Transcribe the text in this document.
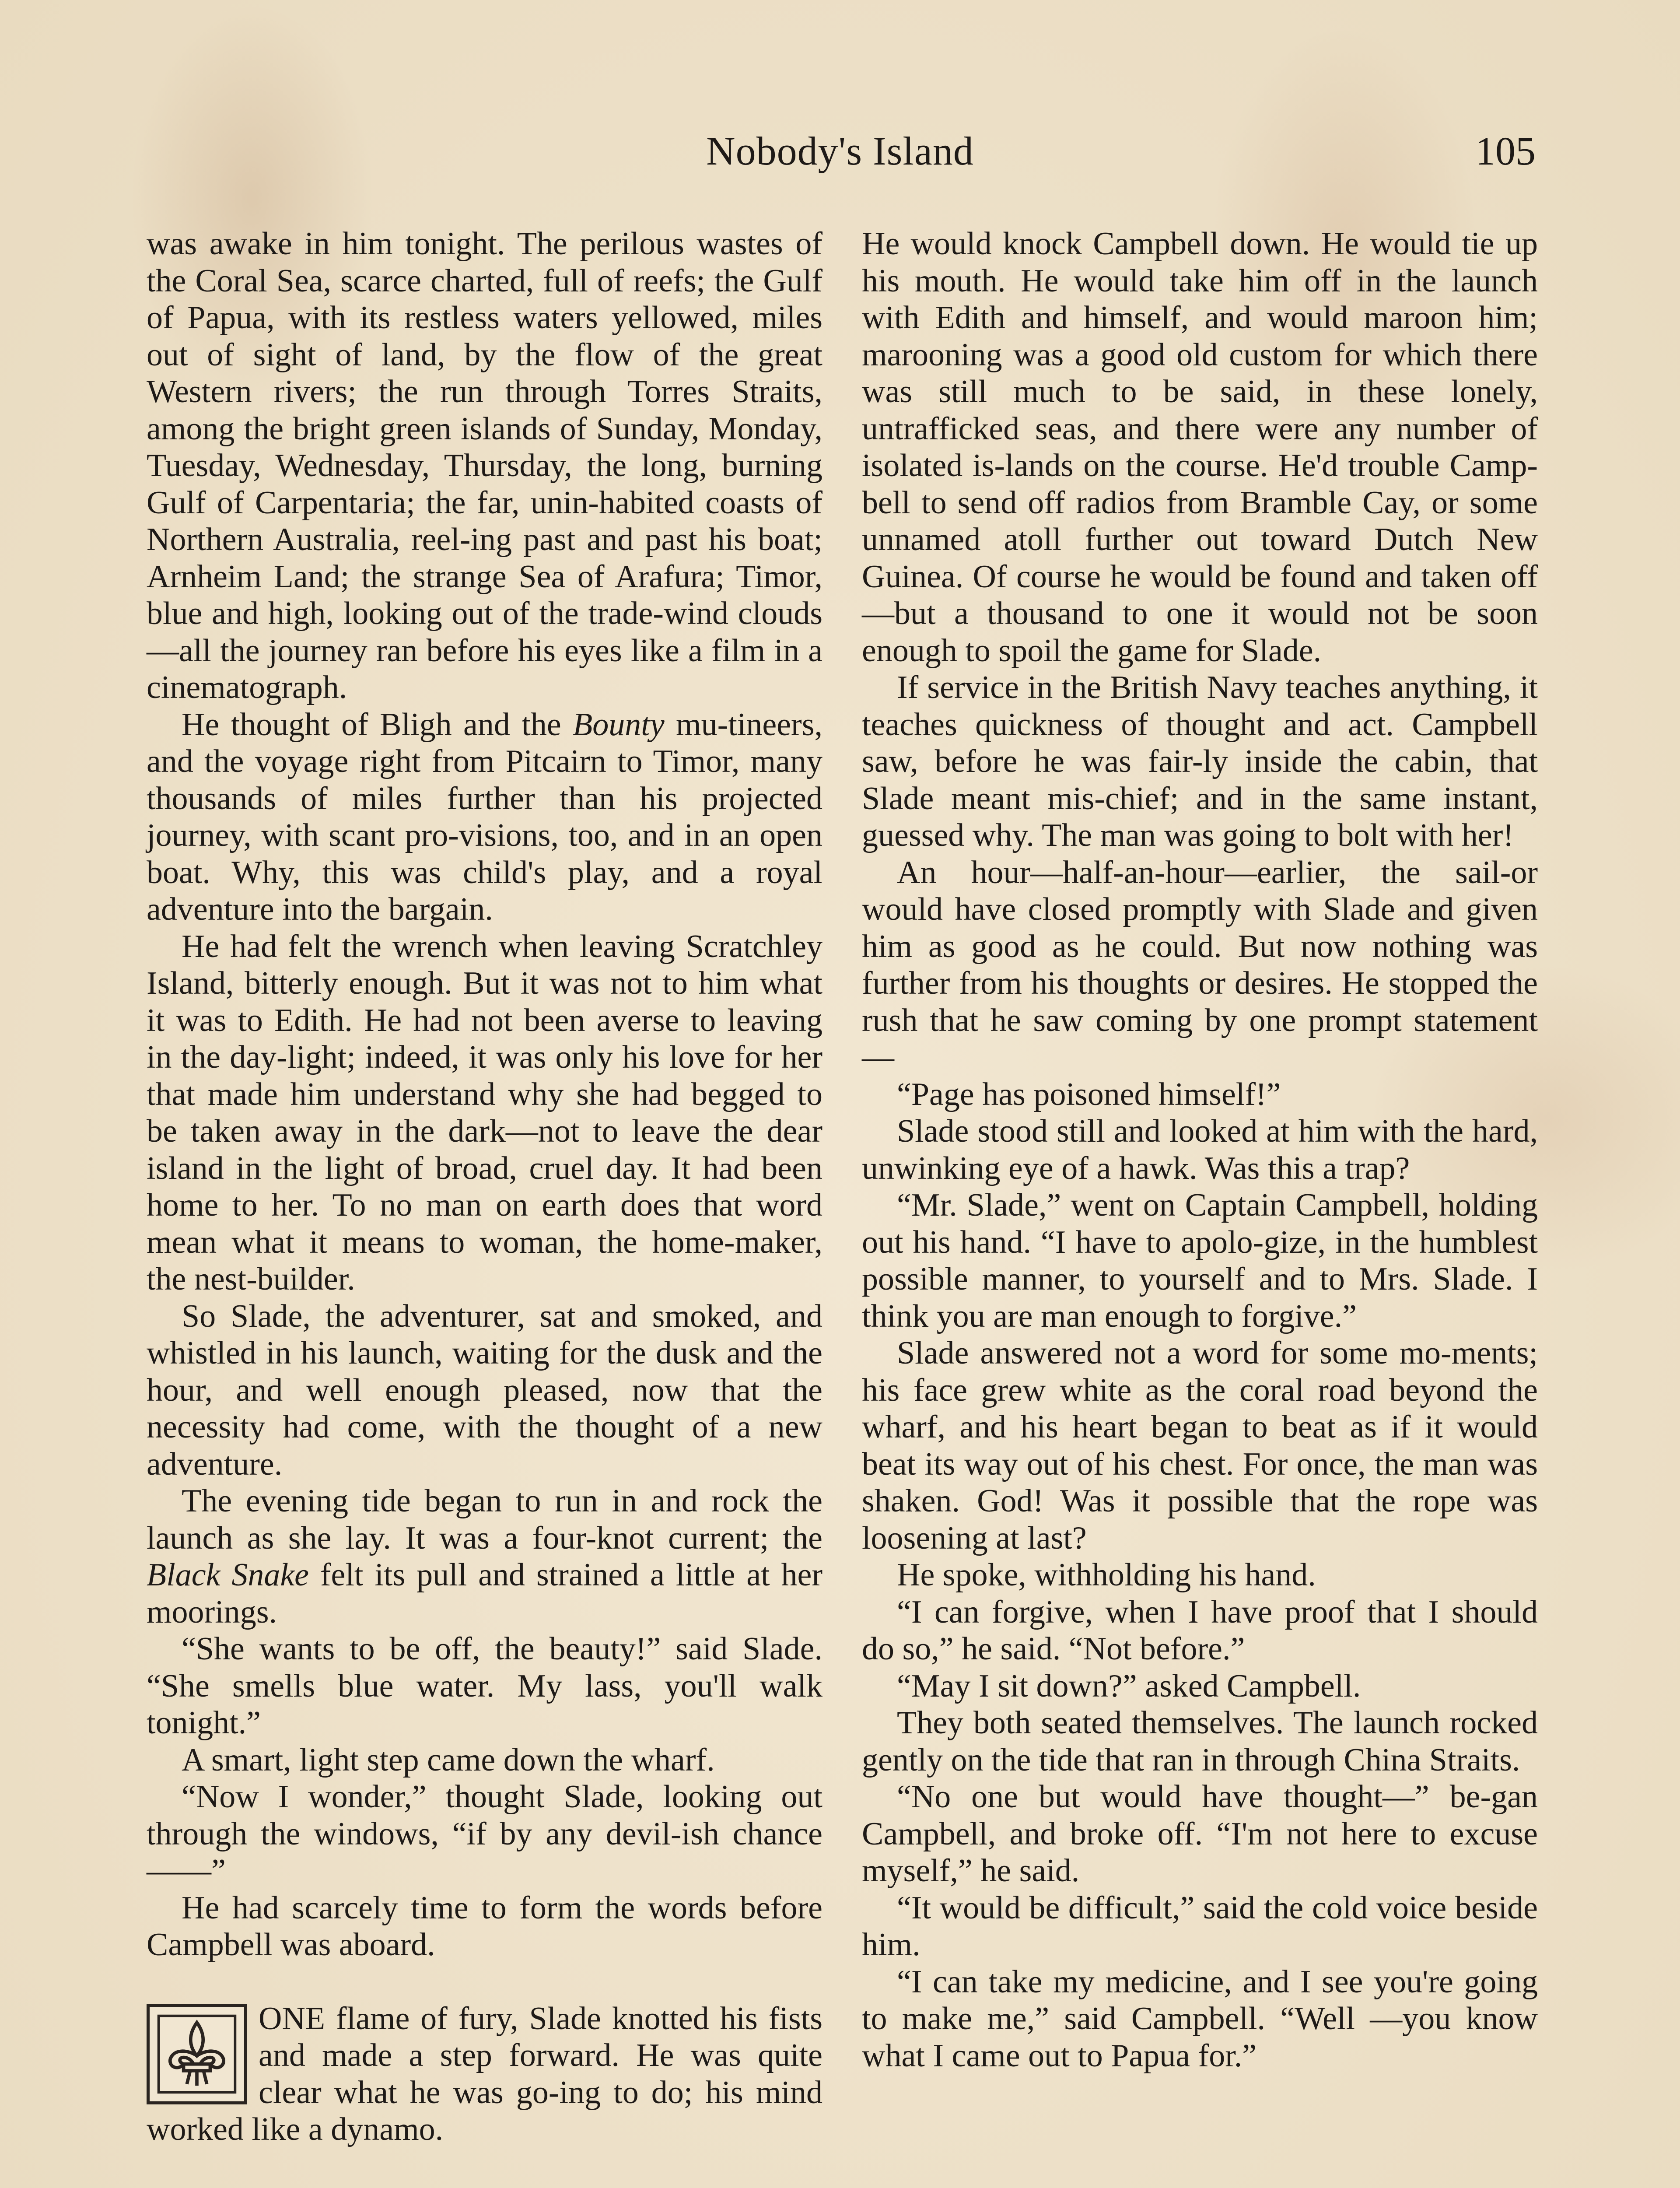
Nobody's Island	105

was awake in him tonight. The perilous wastes of the Coral Sea, scarce charted, full of reefs; the Gulf of Papua, with its restless waters yellowed, miles out of sight of land, by the flow of the great Western rivers; the run through Torres Straits, among the bright green islands of Sunday, Monday, Tuesday, Wednesday, Thursday, the long, burning Gulf of Carpentaria; the far, unin-habited coasts of Northern Australia, reel-ing past and past his boat; Arnheim Land; the strange Sea of Arafura; Timor, blue and high, looking out of the trade-wind clouds —all the journey ran before his eyes like a film in a cinematograph.

He thought of Bligh and the Bounty mu-tineers, and the voyage right from Pitcairn to Timor, many thousands of miles further than his projected journey, with scant pro-visions, too, and in an open boat. Why, this was child's play, and a royal adventure into the bargain.

He had felt the wrench when leaving Scratchley Island, bitterly enough. But it was not to him what it was to Edith. He had not been averse to leaving in the day-light; indeed, it was only his love for her that made him understand why she had begged to be taken away in the dark—not to leave the dear island in the light of broad, cruel day. It had been home to her. To no man on earth does that word mean what it means to woman, the home-maker, the nest-builder.

So Slade, the adventurer, sat and smoked, and whistled in his launch, waiting for the dusk and the hour, and well enough pleased, now that the necessity had come, with the thought of a new adventure.

The evening tide began to run in and rock the launch as she lay. It was a four-knot current; the Black Snake felt its pull and strained a little at her moorings.

“She wants to be off, the beauty!” said Slade. “She smells blue water. My lass, you'll walk tonight.”

A smart, light step came down the wharf.

“Now I wonder,” thought Slade, looking out through the windows, “if by any devil-ish chance——”

He had scarcely time to form the words before Campbell was aboard.

ONE flame of fury, Slade knotted his fists and made a step forward. He was quite clear what he was go-ing to do; his mind worked like a dynamo.

He would knock Campbell down. He would tie up his mouth. He would take him off in the launch with Edith and himself, and would maroon him; marooning was a good old custom for which there was still much to be said, in these lonely, untrafficked seas, and there were any number of isolated is-lands on the course. He'd trouble Camp-bell to send off radios from Bramble Cay, or some unnamed atoll further out toward Dutch New Guinea. Of course he would be found and taken off—but a thousand to one it would not be soon enough to spoil the game for Slade.

If service in the British Navy teaches anything, it teaches quickness of thought and act. Campbell saw, before he was fair-ly inside the cabin, that Slade meant mis-chief; and in the same instant, guessed why. The man was going to bolt with her!

An hour—half-an-hour—earlier, the sail-or would have closed promptly with Slade and given him as good as he could. But now nothing was further from his thoughts or desires. He stopped the rush that he saw coming by one prompt statement—

“Page has poisoned himself!”

Slade stood still and looked at him with the hard, unwinking eye of a hawk. Was this a trap?

“Mr. Slade,” went on Captain Campbell, holding out his hand. “I have to apolo-gize, in the humblest possible manner, to yourself and to Mrs. Slade. I think you are man enough to forgive.”

Slade answered not a word for some mo-ments; his face grew white as the coral road beyond the wharf, and his heart began to beat as if it would beat its way out of his chest. For once, the man was shaken. God! Was it possible that the rope was loosening at last?

He spoke, withholding his hand.

“I can forgive, when I have proof that I should do so,” he said. “Not before.”

“May I sit down?” asked Campbell.

They both seated themselves. The launch rocked gently on the tide that ran in through China Straits.

“No one but would have thought—” be-gan Campbell, and broke off. “I'm not here to excuse myself,” he said.

“It would be difficult,” said the cold voice beside him.

“I can take my medicine, and I see you're going to make me,” said Campbell. “Well —you know what I came out to Papua for.”
